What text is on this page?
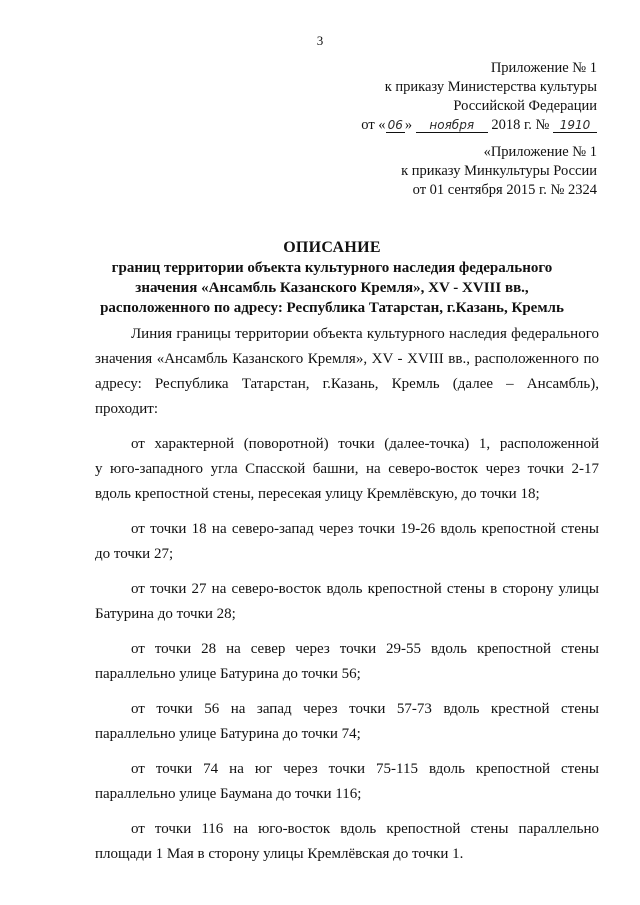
3
Приложение № 1
к приказу Министерства культуры
Российской Федерации
от « 06 » ноября 2018 г. № 1910
«Приложение № 1
к приказу Минкультуры России
от 01 сентября 2015 г. № 2324
ОПИСАНИЕ
границ территории объекта культурного наследия федерального
значения «Ансамбль Казанского Кремля», XV - XVIII вв.,
расположенного по адресу: Республика Татарстан, г.Казань, Кремль

Линия границы территории объекта культурного наследия федерального
значения «Ансамбль Казанского Кремля», XV - XVIII вв., расположенного по
адресу: Республика Татарстан, г.Казань, Кремль (далее – Ансамбль),
проходит:

от характерной (поворотной) точки (далее-точка) 1, расположенной
у юго-западного угла Спасской башни, на северо-восток через точки 2-17
вдоль крепостной стены, пересекая улицу Кремлёвскую, до точки 18;

от точки 18 на северо-запад через точки 19-26 вдоль крепостной стены
до точки 27;

от точки 27 на северо-восток вдоль крепостной стены в сторону улицы
Батурина до точки 28;

от точки 28 на север через точки 29-55 вдоль крепостной стены
параллельно улице Батурина до точки 56;

от точки 56 на запад через точки 57-73 вдоль крестной стены
параллельно улице Батурина до точки 74;

от точки 74 на юг через точки 75-115 вдоль крепостной стены
параллельно улице Баумана до точки 116;

от точки 116 на юго-восток вдоль крепостной стены параллельно
площади 1 Мая в сторону улицы Кремлёвская до точки 1.
